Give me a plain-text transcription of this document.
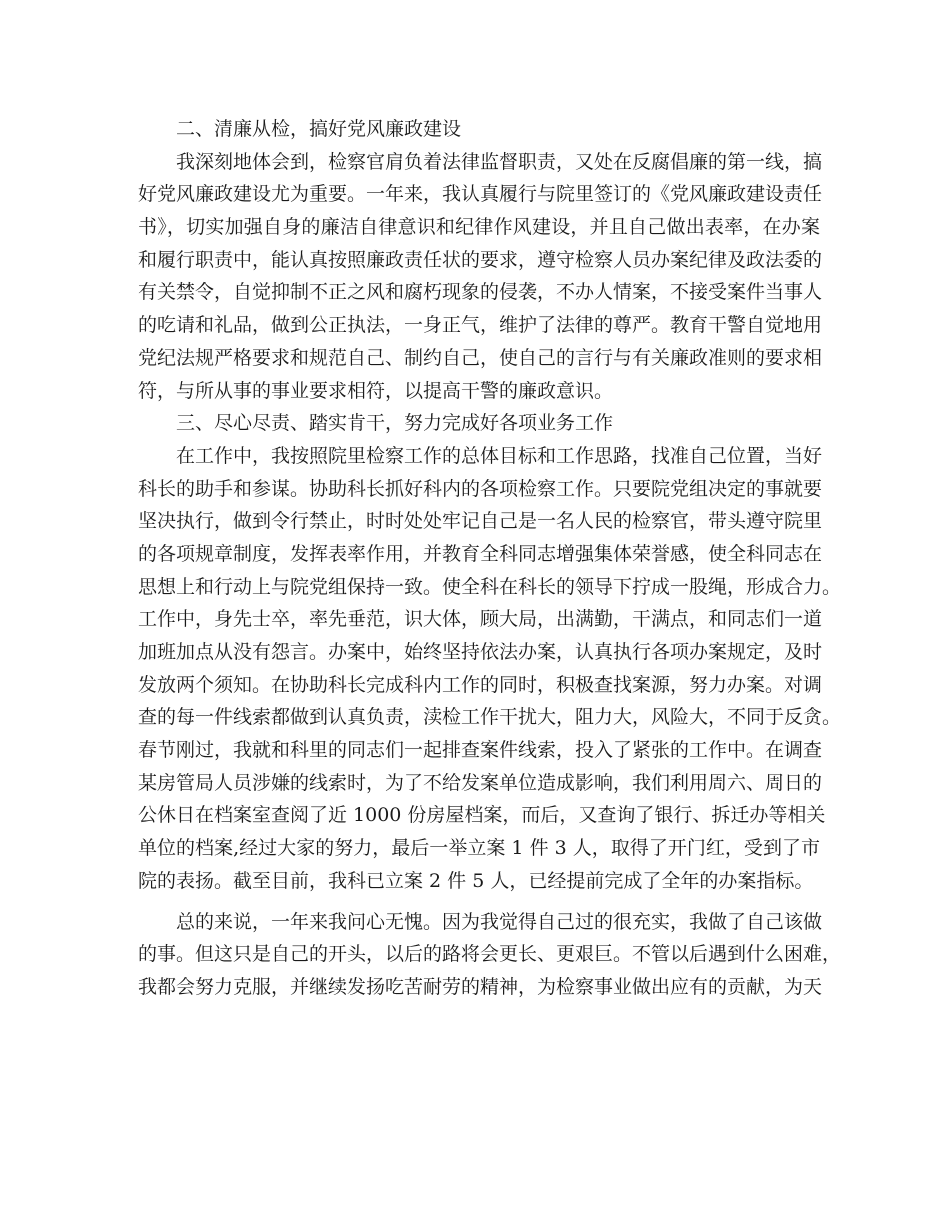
二、清廉从检，搞好党风廉政建设
我深刻地体会到，检察官肩负着法律监督职责，又处在反腐倡廉的第一线，搞
好党风廉政建设尤为重要。一年来，我认真履行与院里签订的《党风廉政建设责任
书》，切实加强自身的廉洁自律意识和纪律作风建设，并且自己做出表率，在办案
和履行职责中，能认真按照廉政责任状的要求，遵守检察人员办案纪律及政法委的
有关禁令，自觉抑制不正之风和腐朽现象的侵袭，不办人情案，不接受案件当事人
的吃请和礼品，做到公正执法，一身正气，维护了法律的尊严。教育干警自觉地用
党纪法规严格要求和规范自己、制约自己，使自己的言行与有关廉政准则的要求相
符，与所从事的事业要求相符，以提高干警的廉政意识。
三、尽心尽责、踏实肯干，努力完成好各项业务工作
在工作中，我按照院里检察工作的总体目标和工作思路，找准自己位置，当好
科长的助手和参谋。协助科长抓好科内的各项检察工作。只要院党组决定的事就要
坚决执行，做到令行禁止，时时处处牢记自己是一名人民的检察官，带头遵守院里
的各项规章制度，发挥表率作用，并教育全科同志增强集体荣誉感，使全科同志在
思想上和行动上与院党组保持一致。使全科在科长的领导下拧成一股绳，形成合力。
工作中，身先士卒，率先垂范，识大体，顾大局，出满勤，干满点，和同志们一道
加班加点从没有怨言。办案中，始终坚持依法办案，认真执行各项办案规定，及时
发放两个须知。在协助科长完成科内工作的同时，积极查找案源，努力办案。对调
查的每一件线索都做到认真负责，渎检工作干扰大，阻力大，风险大，不同于反贪。
春节刚过，我就和科里的同志们一起排查案件线索，投入了紧张的工作中。在调查
某房管局人员涉嫌的线索时，为了不给发案单位造成影响，我们利用周六、周日的
公休日在档案室查阅了近 1000 份房屋档案，而后，又查询了银行、拆迁办等相关
单位的档案,经过大家的努力，最后一举立案 1 件 3 人，取得了开门红，受到了市
院的表扬。截至目前，我科已立案 2 件 5 人，已经提前完成了全年的办案指标。
总的来说，一年来我问心无愧。因为我觉得自己过的很充实，我做了自己该做
的事。但这只是自己的开头，以后的路将会更长、更艰巨。不管以后遇到什么困难，
我都会努力克服，并继续发扬吃苦耐劳的精神，为检察事业做出应有的贡献，为天
